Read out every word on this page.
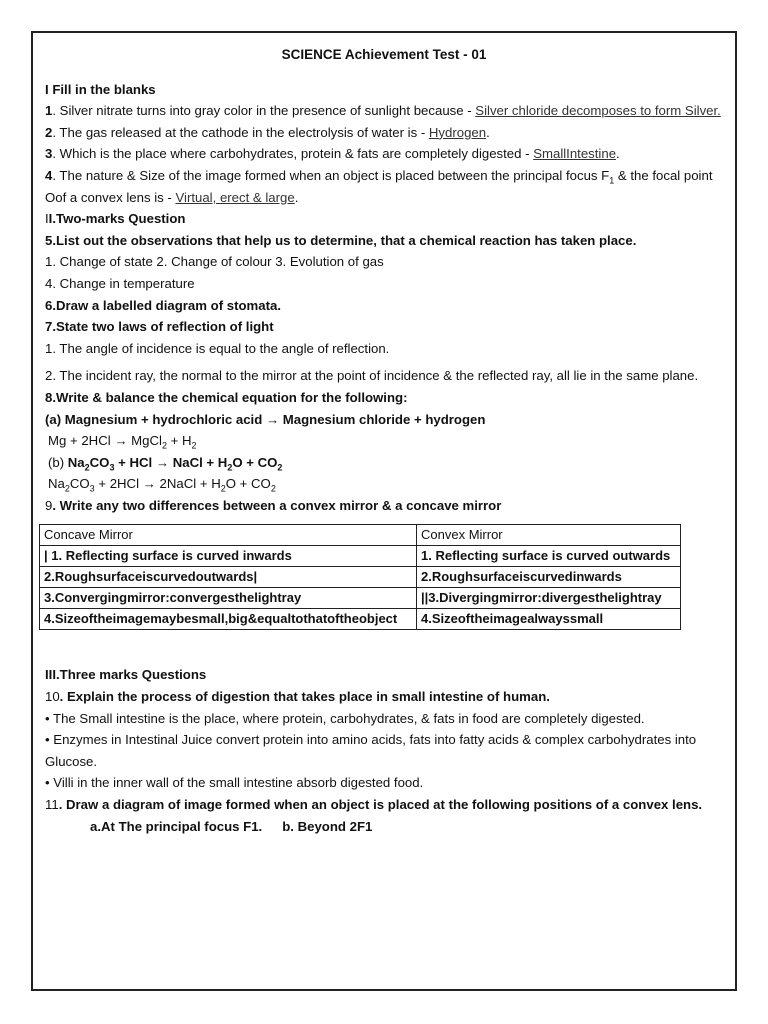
SCIENCE Achievement Test - 01
I Fill in the blanks
1. Silver nitrate turns into gray color in the presence of sunlight because - Silver chloride decomposes to form Silver.
2. The gas released at the cathode in the electrolysis of water is - Hydrogen.
3. Which is the place where carbohydrates, protein & fats are completely digested - SmallIntestine.
4. The nature & Size of the image formed when an object is placed between the principal focus $F_1$ & the focal point Oof a convex lens is - Virtual, erect & large.
II.Two-marks Question
5.List out the observations that help us to determine, that a chemical reaction has taken place.
1. Change of state 2. Change of colour 3. Evolution of gas
4. Change in temperature
6.Draw a labelled diagram of stomata.
7.State two laws of reflection of light
1. The angle of incidence is equal to the angle of reflection.
2. The incident ray, the normal to the mirror at the point of incidence & the reflected ray, all lie in the same plane.
8.Write & balance the chemical equation for the following:
(a) Magnesium + hydrochloric acid → Magnesium chloride + hydrogen
Mg + 2HCl → MgCl$_2$ + $H_2$
(b) $Na_2CO_3$ + HCl → NaCl + $H_2O + CO_2$
$Na_2CO_3 + 2HCl$ → 2NaCl + $H_2O + CO_2$
9. Write any two differences between a convex mirror & a concave mirror
Concave Mirror	Convex Mirror
| 1. Reflecting surface is curved inwards	1. Reflecting surface is curved outwards
2.Roughsurfaceiscurvedoutwards|	2.Roughsurfaceiscurvedinwards
3.Convergingmirror:convergesthelightray	||3.Divergingmirror:divergesthelightray
4.Sizeoftheimagemaybesmall,big&equaltothatoftheobject	4.Sizeoftheimagealwayssmall
III.Three marks Questions
10. Explain the process of digestion that takes place in small intestine of human.
• The Small intestine is the place, where protein, carbohydrates, & fats in food are completely digested.
• Enzymes in Intestinal Juice convert protein into amino acids, fats into fatty acids & complex carbohydrates into Glucose.
• Villi in the inner wall of the small intestine absorb digested food.
11. Draw a diagram of image formed when an object is placed at the following positions of a convex lens.
a.At The principal focus F1. b. Beyond 2F1
